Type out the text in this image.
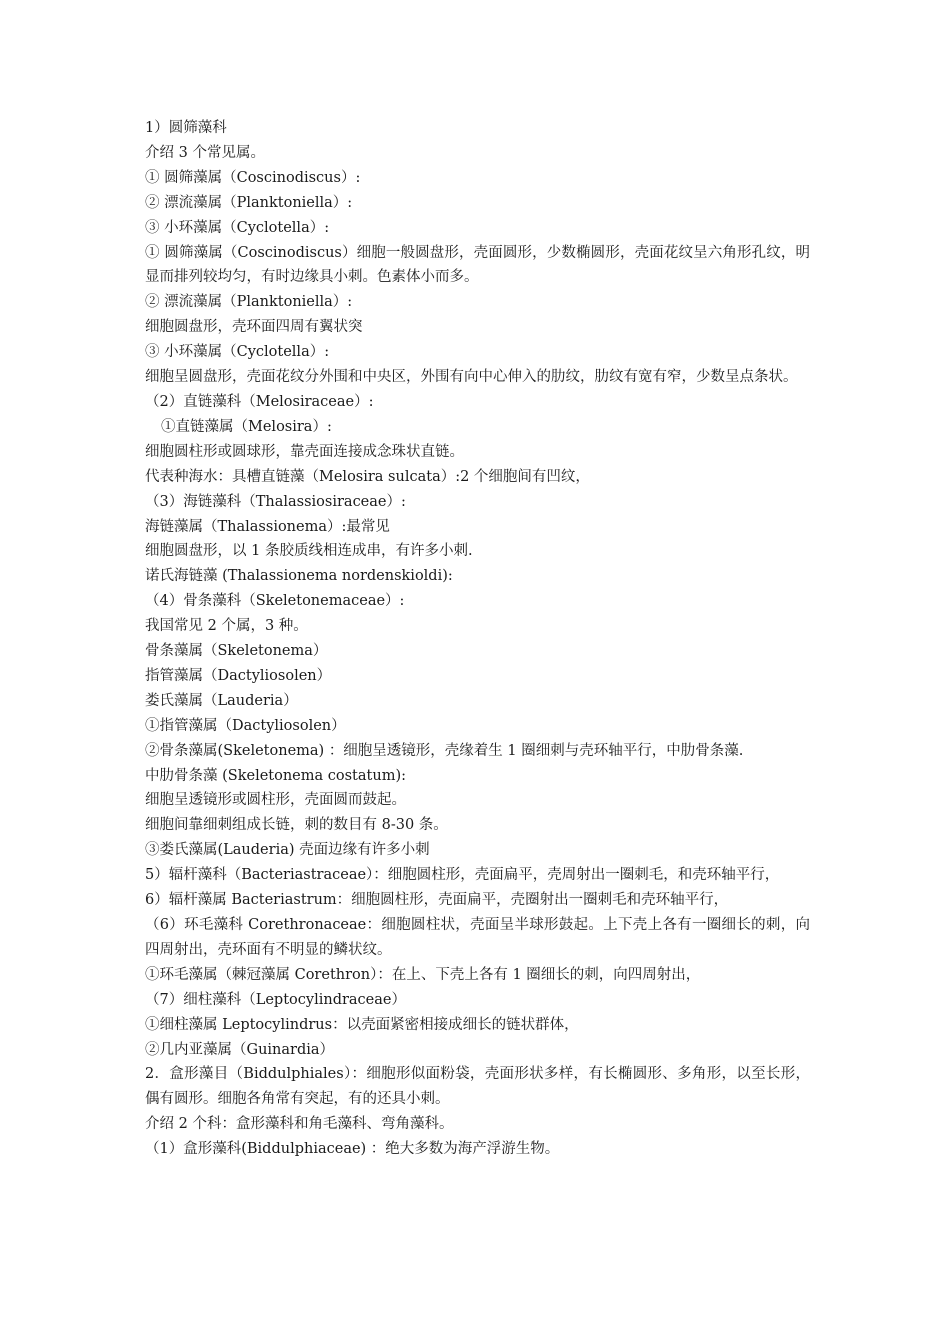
1）圆筛藻科
介绍 3 个常见属。
① 圆筛藻属（Coscinodiscus）:
② 漂流藻属（Planktoniella）:
③ 小环藻属（Cyclotella）:
① 圆筛藻属（Coscinodiscus）细胞一般圆盘形，壳面圆形，少数椭圆形，壳面花纹呈六角形孔纹，明显而排列较均匀，有时边缘具小刺。色素体小而多。
② 漂流藻属（Planktoniella）:
细胞圆盘形，壳环面四周有翼状突
③ 小环藻属（Cyclotella）:
细胞呈圆盘形，壳面花纹分外围和中央区，外围有向中心伸入的肋纹，肋纹有宽有窄，少数呈点条状。
（2）直链藻科（Melosiraceae）:
①直链藻属（Melosira）:
细胞圆柱形或圆球形，靠壳面连接成念珠状直链。
代表种海水：具槽直链藻（Melosira sulcata）:2 个细胞间有凹纹，
（3）海链藻科（Thalassiosiraceae）:
海链藻属（Thalassionema）:最常见
细胞圆盘形，以 1 条胶质线相连成串，有许多小刺.
诺氏海链藻 (Thalassionema nordenskioldi):
（4）骨条藻科（Skeletonemaceae）:
我国常见 2 个属，3 种。
骨条藻属（Skeletonema）
指管藻属（Dactyliosolen）
娄氏藻属（Lauderia）
①指管藻属（Dactyliosolen）
②骨条藻属(Skeletonema) ：细胞呈透镜形，壳缘着生 1 圈细刺与壳环轴平行，中肋骨条藻.
中肋骨条藻 (Skeletonema costatum):
细胞呈透镜形或圆柱形，壳面圆而鼓起。
细胞间靠细刺组成长链，刺的数目有 8-30 条。
③娄氏藻属(Lauderia) 壳面边缘有许多小刺
5）辐杆藻科（Bacteriastraceae）：细胞圆柱形，壳面扁平，壳周射出一圈刺毛，和壳环轴平行，
6）辐杆藻属 Bacteriastrum：细胞圆柱形，壳面扁平，壳圈射出一圈刺毛和壳环轴平行，
（6）环毛藻科 Corethronaceae：细胞圆柱状，壳面呈半球形鼓起。上下壳上各有一圈细长的刺，向四周射出，壳环面有不明显的鳞状纹。
①环毛藻属（棘冠藻属 Corethron）：在上、下壳上各有 1 圈细长的刺，向四周射出，
（7）细柱藻科（Leptocylindraceae）
①细柱藻属 Leptocylindrus：以壳面紧密相接成细长的链状群体，
②几内亚藻属（Guinardia）
2．盒形藻目（Biddulphiales）：细胞形似面粉袋，壳面形状多样，有长椭圆形、多角形，以至长形，偶有圆形。细胞各角常有突起，有的还具小刺。
介绍 2 个科：盒形藻科和角毛藻科、弯角藻科。
（1）盒形藻科(Biddulphiaceae) ：绝大多数为海产浮游生物。
